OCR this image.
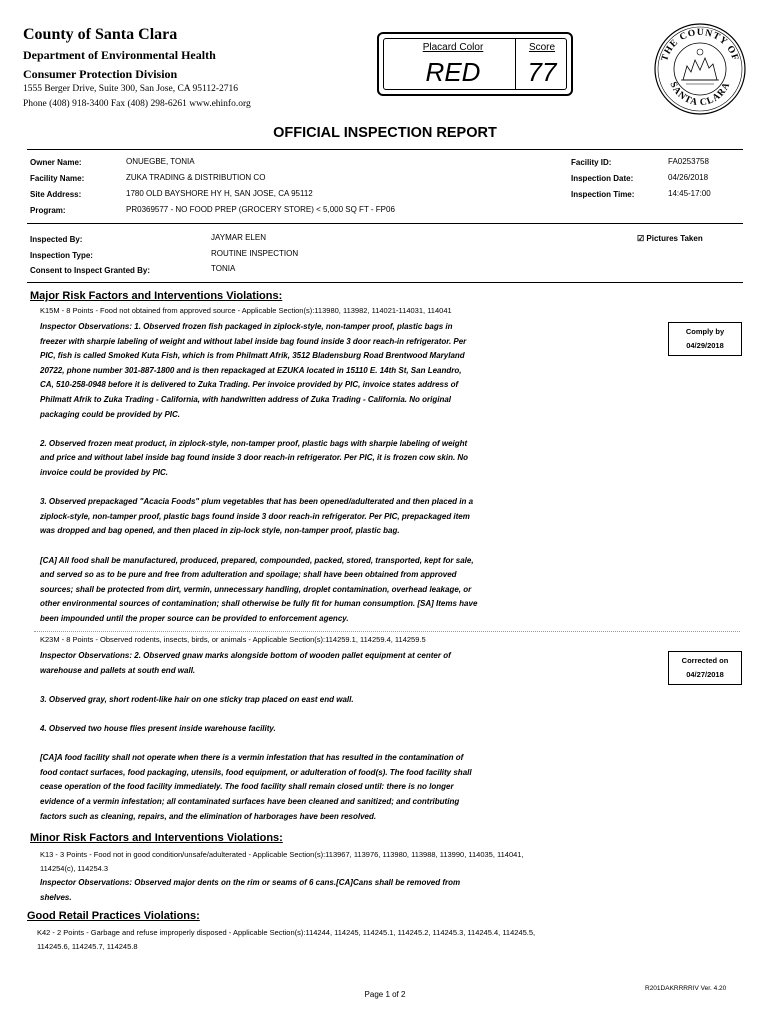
County of Santa Clara
Department of Environmental Health
Consumer Protection Division
1555 Berger Drive, Suite 300, San Jose, CA 95112-2716
Phone (408) 918-3400 Fax (408) 298-6261 www.ehinfo.org
Placard Color	Score
RED	77	THE COUNTY OF
SANTA CLARA
OFFICIAL INSPECTION REPORT
Owner Name:	ONUEGBE, TONIA
Facility Name:	ZUKA TRADING & DISTRIBUTION CO
Site Address:	1780 OLD BAYSHORE HY H, SAN JOSE, CA 95112
Program:	PR0369577 - NO FOOD PREP (GROCERY STORE) < 5,000 SQ FT - FP06
Facility ID:	FA0253758
Inspection Date:	04/26/2018
Inspection Time:	14:45-17:00
Inspected By:	JAYMAR ELEN
Inspection Type:	ROUTINE INSPECTION
Consent to Inspect Granted By:	TONIA
☑ Pictures Taken
Major Risk Factors and Interventions Violations:
K15M - 8 Points - Food not obtained from approved source - Applicable Section(s):113980, 113982, 114021-114031, 114041
Inspector Observations: 1. Observed frozen fish packaged in ziplock-style, non-tamper proof, plastic bags in
freezer with sharpie labeling of weight and without label inside bag found inside 3 door reach-in refrigerator. Per
PIC, fish is called Smoked Kuta Fish, which is from Philmatt Afrik, 3512 Bladensburg Road Brentwood Maryland
20722, phone number 301-887-1800 and is then repackaged at EZUKA located in 15110 E. 14th St, San Leandro,
CA, 510-258-0948 before it is delivered to Zuka Trading. Per invoice provided by PIC, invoice states address of
Philmatt Afrik to Zuka Trading - California, with handwritten address of Zuka Trading - California. No original
packaging could be provided by PIC.
2. Observed frozen meat product, in ziplock-style, non-tamper proof, plastic bags with sharpie labeling of weight
and price and without label inside bag found inside 3 door reach-in refrigerator. Per PIC, it is frozen cow skin. No
invoice could be provided by PIC.
3. Observed prepackaged "Acacia Foods" plum vegetables that has been opened/adulterated and then placed in a
ziplock-style, non-tamper proof, plastic bags found inside 3 door reach-in refrigerator. Per PIC, prepackaged item
was dropped and bag opened, and then placed in zip-lock style, non-tamper proof, plastic bag.
[CA] All food shall be manufactured, produced, prepared, compounded, packed, stored, transported, kept for sale,
and served so as to be pure and free from adulteration and spoilage; shall have been obtained from approved
sources; shall be protected from dirt, vermin, unnecessary handling, droplet contamination, overhead leakage, or
other environmental sources of contamination; shall otherwise be fully fit for human consumption. [SA] Items have
been impounded until the proper source can be provided to enforcement agency.
Comply by
04/29/2018
K23M - 8 Points - Observed rodents, insects, birds, or animals - Applicable Section(s):114259.1, 114259.4, 114259.5
Inspector Observations: 2. Observed gnaw marks alongside bottom of wooden pallet equipment at center of
warehouse and pallets at south end wall.
3. Observed gray, short rodent-like hair on one sticky trap placed on east end wall.
4. Observed two house flies present inside warehouse facility.
[CA]A food facility shall not operate when there is a vermin infestation that has resulted in the contamination of
food contact surfaces, food packaging, utensils, food equipment, or adulteration of food(s). The food facility shall
cease operation of the food facility immediately. The food facility shall remain closed until: there is no longer
evidence of a vermin infestation; all contaminated surfaces have been cleaned and sanitized; and contributing
factors such as cleaning, repairs, and the elimination of harborages have been resolved.
Corrected on
04/27/2018
Minor Risk Factors and Interventions Violations:
K13 - 3 Points - Food not in good condition/unsafe/adulterated - Applicable Section(s):113967, 113976, 113980, 113988, 113990, 114035, 114041,
114254(c), 114254.3
Inspector Observations: Observed major dents on the rim or seams of 6 cans.[CA]Cans shall be removed from
shelves.
Good Retail Practices Violations:
K42 - 2 Points - Garbage and refuse improperly disposed - Applicable Section(s):114244, 114245, 114245.1, 114245.2, 114245.3, 114245.4, 114245.5,
114245.6, 114245.7, 114245.8
Page 1 of 2
R201DAKRRRRIV Ver. 4.20
